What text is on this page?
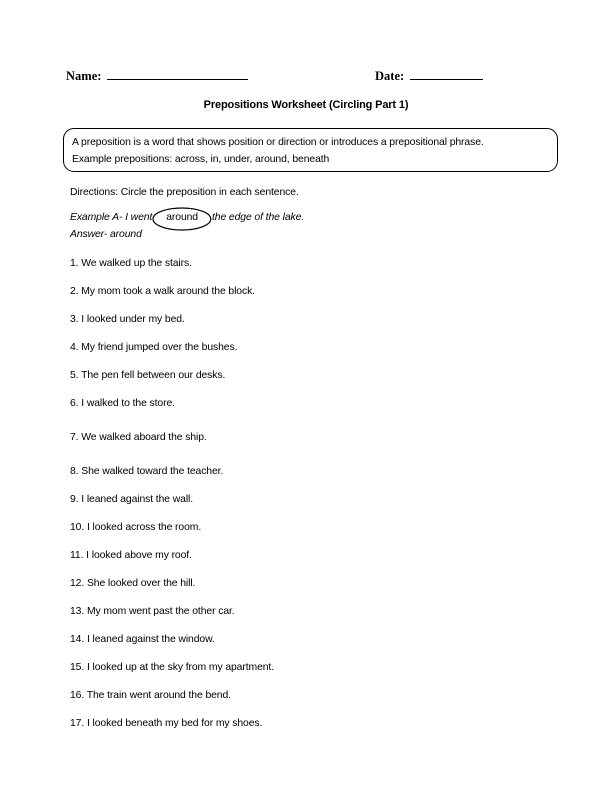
Name:	Date:
Prepositions Worksheet (Circling Part 1)
A preposition is a word that shows position or direction or introduces a prepositional phrase.
Example prepositions: across, in, under, around, beneath
Directions: Circle the preposition in each sentence.
Example A- I went around the edge of the lake.
Answer- around
1. We walked up the stairs.
2. My mom took a walk around the block.
3. I looked under my bed.
4. My friend jumped over the bushes.
5. The pen fell between our desks.
6. I walked to the store.
7. We walked aboard the ship.
8. She walked toward the teacher.
9. I leaned against the wall.
10. I looked across the room.
11. I looked above my roof.
12. She looked over the hill.
13. My mom went past the other car.
14. I leaned against the window.
15. I looked up at the sky from my apartment.
16. The train went around the bend.
17. I looked beneath my bed for my shoes.
